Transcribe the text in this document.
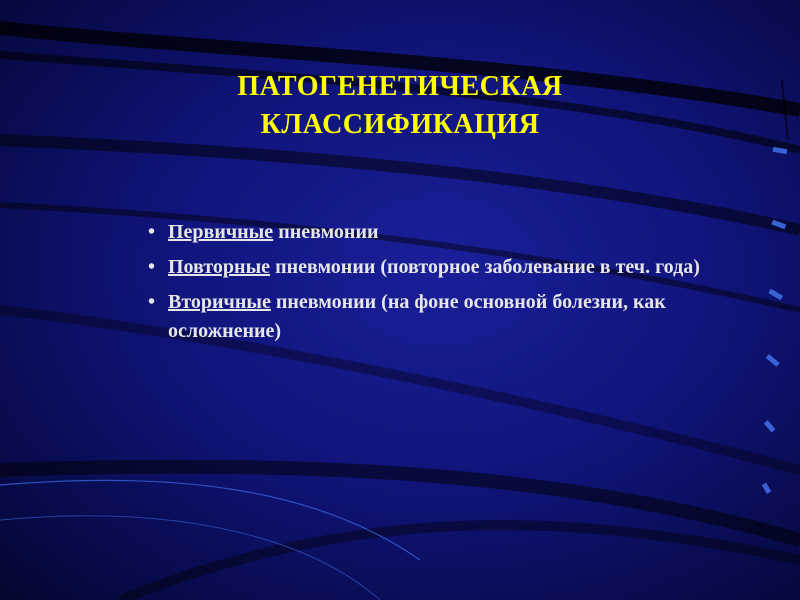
ПАТОГЕНЕТИЧЕСКАЯ
КЛАССИФИКАЦИЯ
• Первичные пневмонии
• Повторные пневмонии (повторное заболевание в теч. года)
• Вторичные пневмонии (на фоне основной болезни, как осложнение)
